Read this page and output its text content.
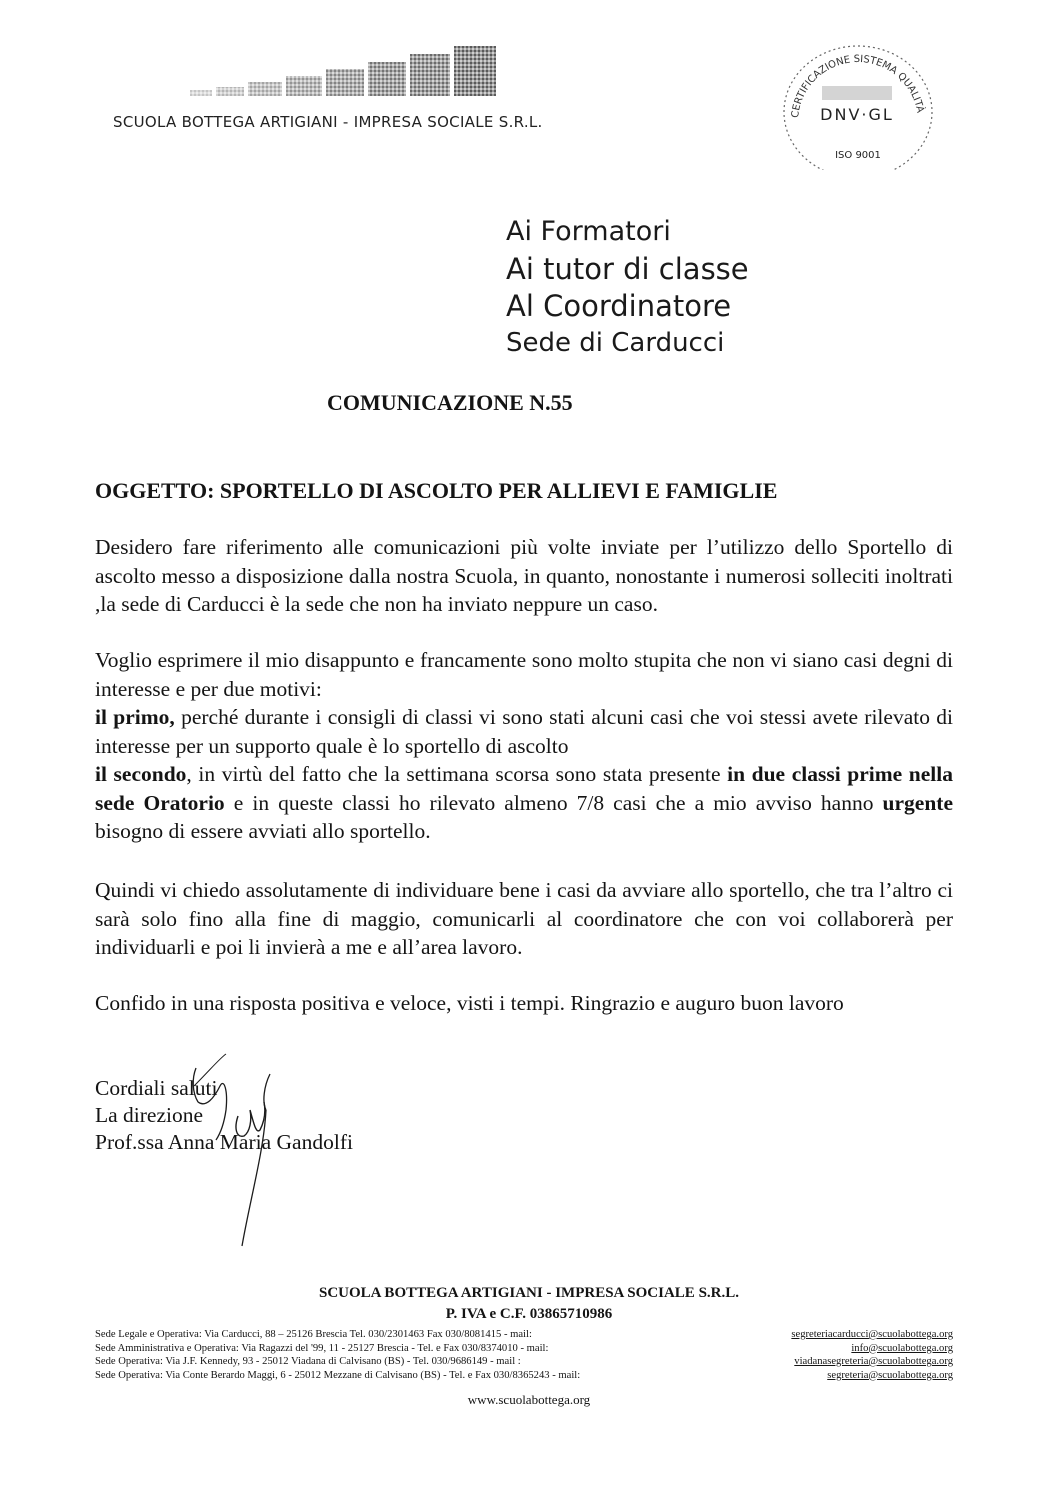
SCUOLA BOTTEGA ARTIGIANI - IMPRESA SOCIALE S.R.L.	CERTIFICAZIONE SISTEMA QUALITÀ
DNV·GL
ISO 9001
Ai Formatori
Ai tutor di classe
Al Coordinatore
Sede di Carducci
COMUNICAZIONE N.55
OGGETTO: SPORTELLO DI ASCOLTO PER ALLIEVI E FAMIGLIE

Desidero fare riferimento alle comunicazioni più volte inviate per l’utilizzo dello Sportello di ascolto messo a disposizione dalla nostra Scuola, in quanto, nonostante i numerosi solleciti inoltrati ,la sede di Carducci è la sede che non ha inviato neppure un caso.

Voglio esprimere il mio disappunto e francamente sono molto stupita che non vi siano casi degni di interesse e per due motivi:

il primo, perché durante i consigli di classi vi sono stati alcuni casi che voi stessi avete rilevato di interesse per un supporto quale è lo sportello di ascolto

il secondo, in virtù del fatto che la settimana scorsa sono stata presente in due classi prime nella sede Oratorio e in queste classi ho rilevato almeno 7/8 casi che a mio avviso hanno urgente bisogno di essere avviati allo sportello.

Quindi vi chiedo assolutamente di individuare bene i casi da avviare allo sportello, che tra l’altro ci sarà solo fino alla fine di maggio, comunicarli al coordinatore che con voi collaborerà per individuarli e poi li invierà a me e all’area lavoro.

Confido in una risposta positiva e veloce, visti i tempi. Ringrazio e auguro buon lavoro

Cordiali saluti
La direzione
Prof.ssa Anna Maria Gandolfi
SCUOLA BOTTEGA ARTIGIANI - IMPRESA SOCIALE S.R.L.
P. IVA e C.F. 03865710986
Sede Legale e Operativa: Via Carducci, 88 – 25126 Brescia Tel. 030/2301463 Fax 030/8081415 - mail:	segreteriacarducci@scuolabottega.org
Sede Amministrativa e Operativa: Via Ragazzi del '99, 11 - 25127 Brescia - Tel. e Fax 030/8374010 - mail:	info@scuolabottega.org
Sede Operativa: Via J.F. Kennedy, 93 - 25012 Viadana di Calvisano (BS) - Tel. 030/9686149 - mail :	viadanasegreteria@scuolabottega.org
Sede Operativa: Via Conte Berardo Maggi, 6 - 25012 Mezzane di Calvisano (BS) - Tel. e Fax 030/8365243 - mail:	segreteria@scuolabottega.org
www.scuolabottega.org
